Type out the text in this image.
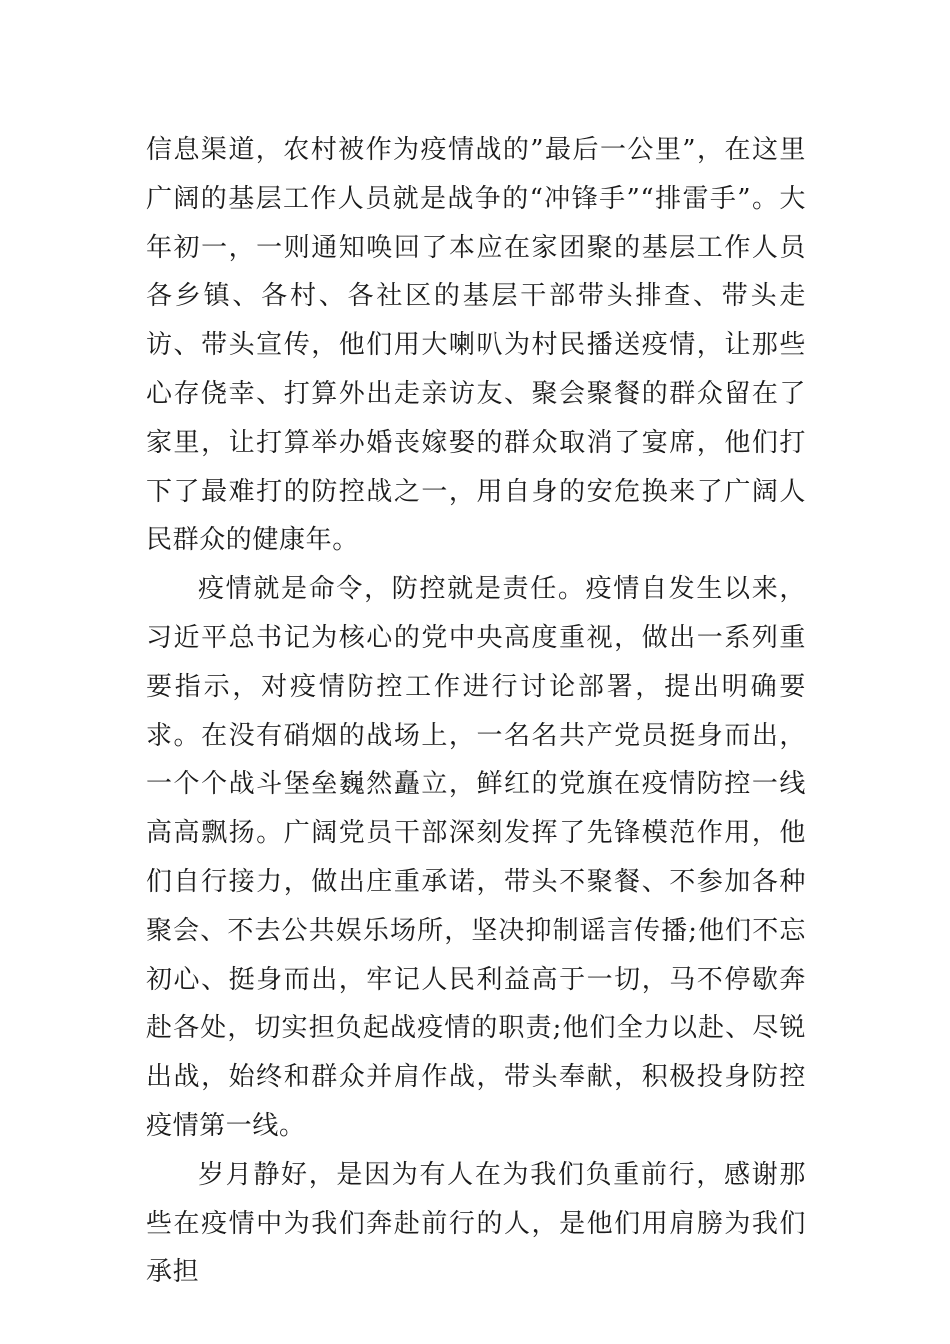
信息渠道，农村被作为疫情战的”最后一公里”，在这里广阔的基层工作人员就是战争的“冲锋手”“排雷手”。大年初一，一则通知唤回了本应在家团聚的基层工作人员各乡镇、各村、各社区的基层干部带头排查、带头走访、带头宣传，他们用大喇叭为村民播送疫情，让那些心存侥幸、打算外出走亲访友、聚会聚餐的群众留在了家里，让打算举办婚丧嫁娶的群众取消了宴席，他们打下了最难打的防控战之一，用自身的安危换来了广阔人民群众的健康年。

疫情就是命令，防控就是责任。疫情自发生以来，习近平总书记为核心的党中央高度重视，做出一系列重要指示，对疫情防控工作进行讨论部署，提出明确要求。在没有硝烟的战场上，一名名共产党员挺身而出，一个个战斗堡垒巍然矗立，鲜红的党旗在疫情防控一线高高飘扬。广阔党员干部深刻发挥了先锋模范作用，他们自行接力，做出庄重承诺，带头不聚餐、不参加各种聚会、不去公共娱乐场所，坚决抑制谣言传播;他们不忘初心、挺身而出，牢记人民利益高于一切，马不停歇奔赴各处，切实担负起战疫情的职责;他们全力以赴、尽锐出战，始终和群众并肩作战，带头奉献，积极投身防控疫情第一线。

岁月静好，是因为有人在为我们负重前行，感谢那些在疫情中为我们奔赴前行的人，是他们用肩膀为我们承担
